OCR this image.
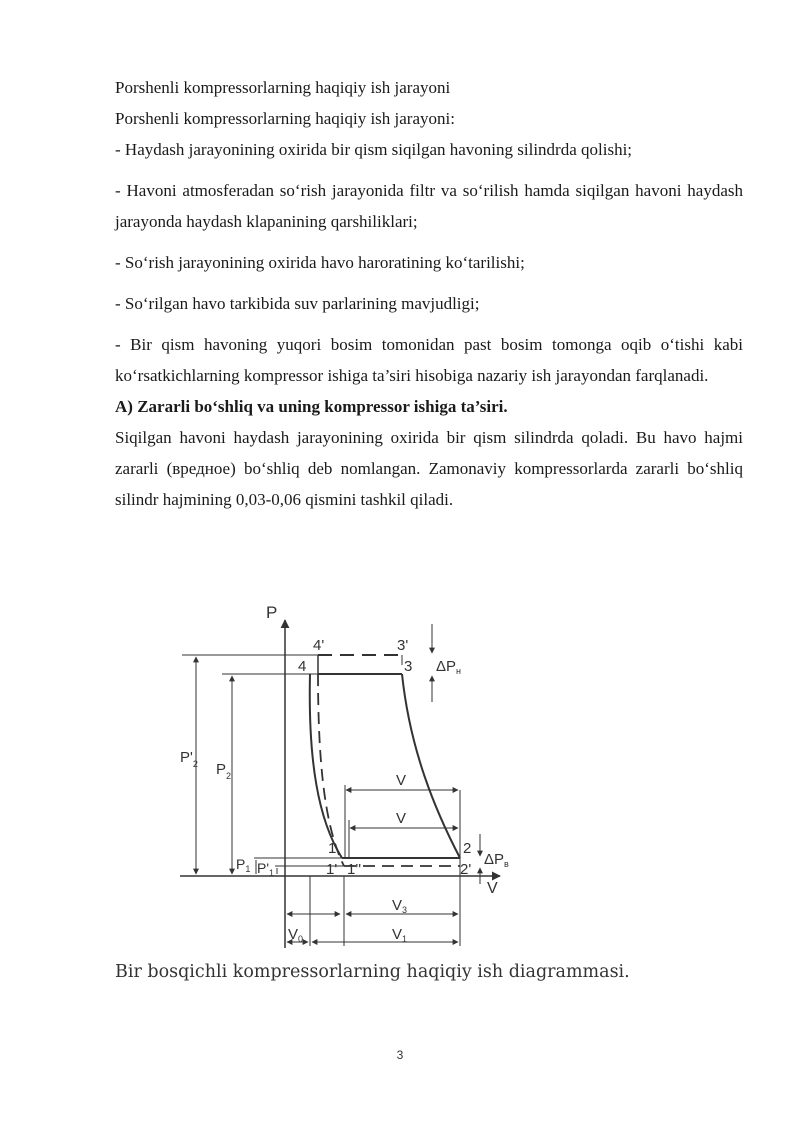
Porshenli kompressorlarning haqiqiy ish jarayoni

Porshenli kompressorlarning haqiqiy ish jarayoni:

- Haydash jarayonining oxirida bir qism siqilgan havoning silindrda qolishi;

- Havoni atmosferadan so‘rish jarayonida filtr va so‘rilish hamda siqilgan havoni haydash jarayonda haydash klapanining qarshiliklari;

- So‘rish jarayonining oxirida havo haroratining ko‘tarilishi;

- So‘rilgan havo tarkibida suv parlarining mavjudligi;

- Bir qism havoning yuqori bosim tomonidan past bosim tomonga oqib o‘tishi kabi ko‘rsatkichlarning kompressor ishiga ta’siri hisobiga nazariy ish jarayondan farqlanadi.

A) Zararli bo‘shliq va uning kompressor ishiga ta’siri.

Siqilgan havoni haydash jarayonining oxirida bir qism silindrda qoladi. Bu havo hajmi zararli (вредное) bo‘shliq deb nomlangan. Zamonaviy kompressorlarda zararli bo‘shliq silindr hajmining 0,03-0,06 qismini tashkil qiladi.

P
V
4'	3'
4	3 $\Delta P_н$
$P'_2$ $P_2$	V
V
1	2
$\Delta P_в$
$P_1$ $P'_1$	1' 1''	2'
$V_3$
$V_0$	$V_1$
Bir bosqichli kompressorlarning haqiqiy ish diagrammasi.
3
